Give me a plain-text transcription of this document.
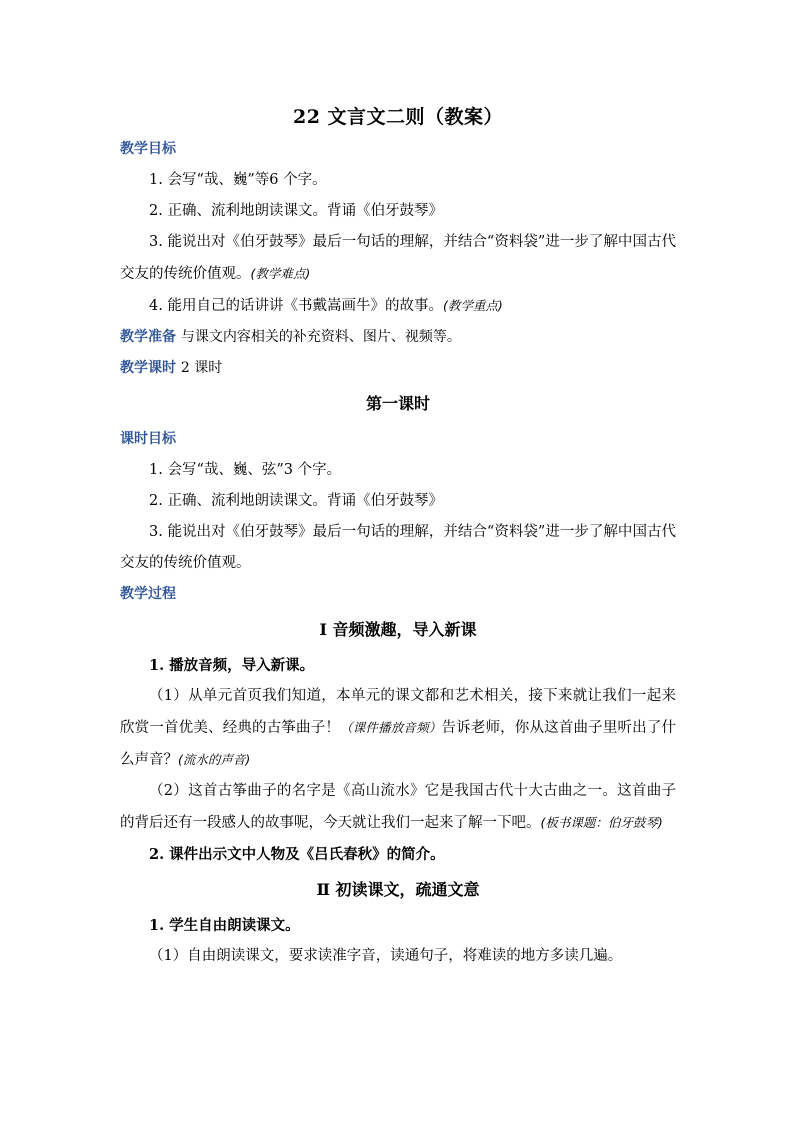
22 文言文二则（教案）
教学目标

1. 会写“哉、巍”等6 个字。

2. 正确、流利地朗读课文。背诵《伯牙鼓琴》

3. 能说出对《伯牙鼓琴》最后一句话的理解，并结合“资料袋”进一步了解中国古代交友的传统价值观。(教学难点)

4. 能用自己的话讲讲《书戴嵩画牛》的故事。(教学重点)

教学准备 与课文内容相关的补充资料、图片、视频等。
教学课时 2 课时
第一课时
课时目标

1. 会写“哉、巍、弦”3 个字。

2. 正确、流利地朗读课文。背诵《伯牙鼓琴》

3. 能说出对《伯牙鼓琴》最后一句话的理解，并结合“资料袋”进一步了解中国古代交友的传统价值观。

教学过程
Ⅰ 音频激趣，导入新课

1. 播放音频，导入新课。

（1）从单元首页我们知道，本单元的课文都和艺术相关，接下来就让我们一起来欣赏一首优美、经典的古筝曲子！（课件播放音频）告诉老师，你从这首曲子里听出了什么声音？(流水的声音)

（2）这首古筝曲子的名字是《高山流水》它是我国古代十大古曲之一。这首曲子的背后还有一段感人的故事呢，今天就让我们一起来了解一下吧。(板书课题：伯牙鼓琴)

2. 课件出示文中人物及《吕氏春秋》的简介。

Ⅱ 初读课文，疏通文意

1. 学生自由朗读课文。

（1）自由朗读课文，要求读准字音，读通句子，将难读的地方多读几遍。
